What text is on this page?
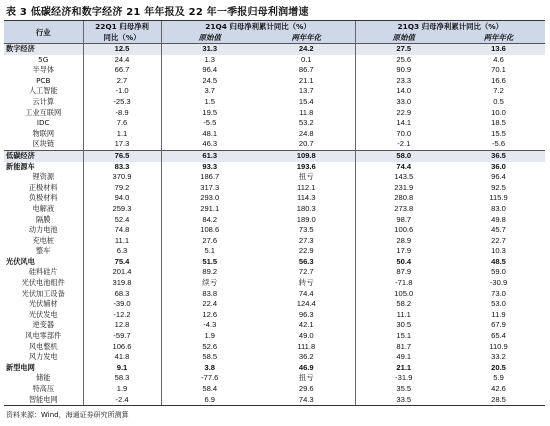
表 3 低碳经济和数字经济 21 年年报及 22 年一季报归母利润增速
行业	22Q1 归母净利	21Q4 归母净利累计同比（%）		21Q3 归母净利累计同比（%）	
	同比（%）	原始值	两年年化	原始值	两年年化
数字经济	12.5	31.3	24.2	27.5	13.6
5G	24.4	1.3	0.1	25.6	4.6
半导体	66.7	96.4	86.7	90.9	70.1
PCB	2.7	24.5	21.1	23.3	16.6
人工智能	-1.0	3.7	13.7	14.0	7.2
云计算	-25.3	1.5	15.4	33.0	0.5
工业互联网	-8.9	19.5	11.8	22.9	10.0
IDC	7.6	-5.5	53.2	14.1	18.5
物联网	1.1	48.1	24.8	70.0	15.5
区块链	17.3	46.3	20.7	-2.1	-5.6
低碳经济	76.5	61.3	109.8	58.0	36.5
新能源车	83.3	93.3	193.6	74.4	36.0
锂资源	370.9	186.7	扭亏	143.5	96.4
正极材料	79.2	317.3	112.1	231.9	92.5
负极材料	94.0	293.0	114.3	280.8	115.9
电解液	259.3	291.1	180.3	273.8	83.0
隔膜	52.4	84.2	189.0	98.7	49.8
动力电池	74.8	108.6	73.5	100.6	45.7
充电桩	11.1	27.6	27.3	28.9	22.7
整车	6.3	5.1	22.9	17.9	10.3
光伏风电	75.4	51.5	56.3	50.4	48.5
硅料硅片	201.4	89.2	72.7	87.9	59.0
光伏电池组件	319.8	续亏	转亏	-71.8	-30.9
光伏加工设备	68.3	83.8	74.4	105.0	73.0
光伏辅材	-39.0	22.4	124.4	58.2	53.0
光伏发电	-12.2	12.6	96.3	11.1	11.9
逆变器	12.8	-4.3	42.1	30.5	67.9
风电零部件	-59.7	1.9	49.0	15.1	65.4
风电整机	106.6	52.6	111.8	81.7	110.9
风力发电	41.8	58.5	36.2	49.1	33.2
新型电网	9.1	3.8	46.9	21.1	20.5
储能	58.3	-77.6	扭亏	-31.9	5.9
特高压	1.9	58.4	29.6	35.5	42.6
智能电网	-2.4	6.9	74.3	33.5	28.5
资料来源：Wind，海通证券研究所测算
